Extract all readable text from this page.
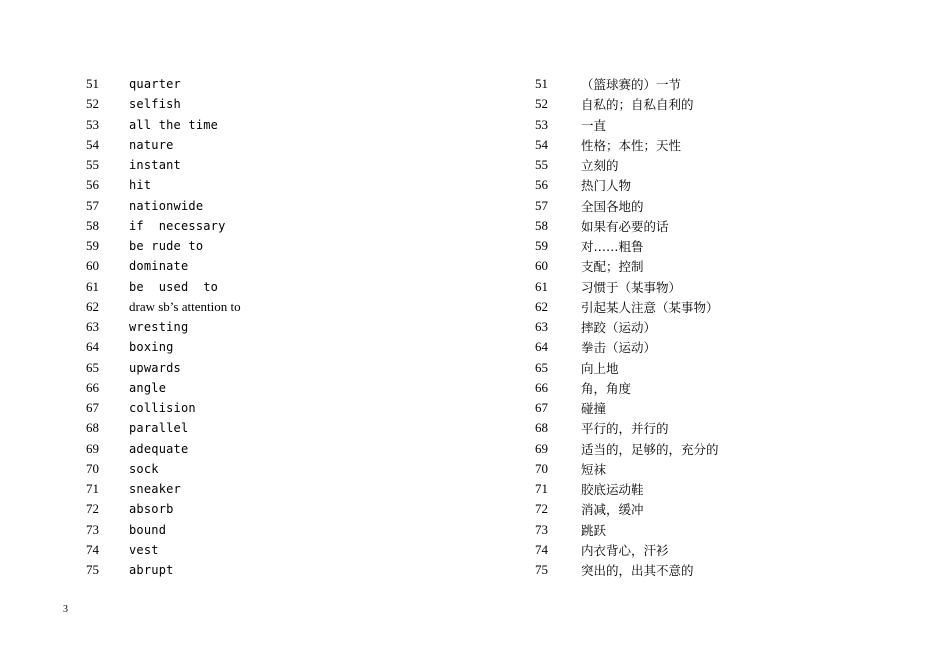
51	quarter
52	selfish
53	all the time
54	nature
55	instant
56	hit
57	nationwide
58	if  necessary
59	be rude to
60	dominate
61	be  used  to
62	draw sb’s attention to
63	wresting
64	boxing
65	upwards
66	angle
67	collision
68	parallel
69	adequate
70	sock
71	sneaker
72	absorb
73	bound
74	vest
75	abrupt
51	（篮球赛的）一节
52	自私的；自私自利的
53	一直
54	性格；本性；天性
55	立刻的
56	热门人物
57	全国各地的
58	如果有必要的话
59	对……粗鲁
60	支配；控制
61	习惯于（某事物）
62	引起某人注意（某事物）
63	摔跤（运动）
64	拳击（运动）
65	向上地
66	角，角度
67	碰撞
68	平行的，并行的
69	适当的，足够的，充分的
70	短袜
71	胶底运动鞋
72	消减，缓冲
73	跳跃
74	内衣背心，汗衫
75	突出的，出其不意的
3
